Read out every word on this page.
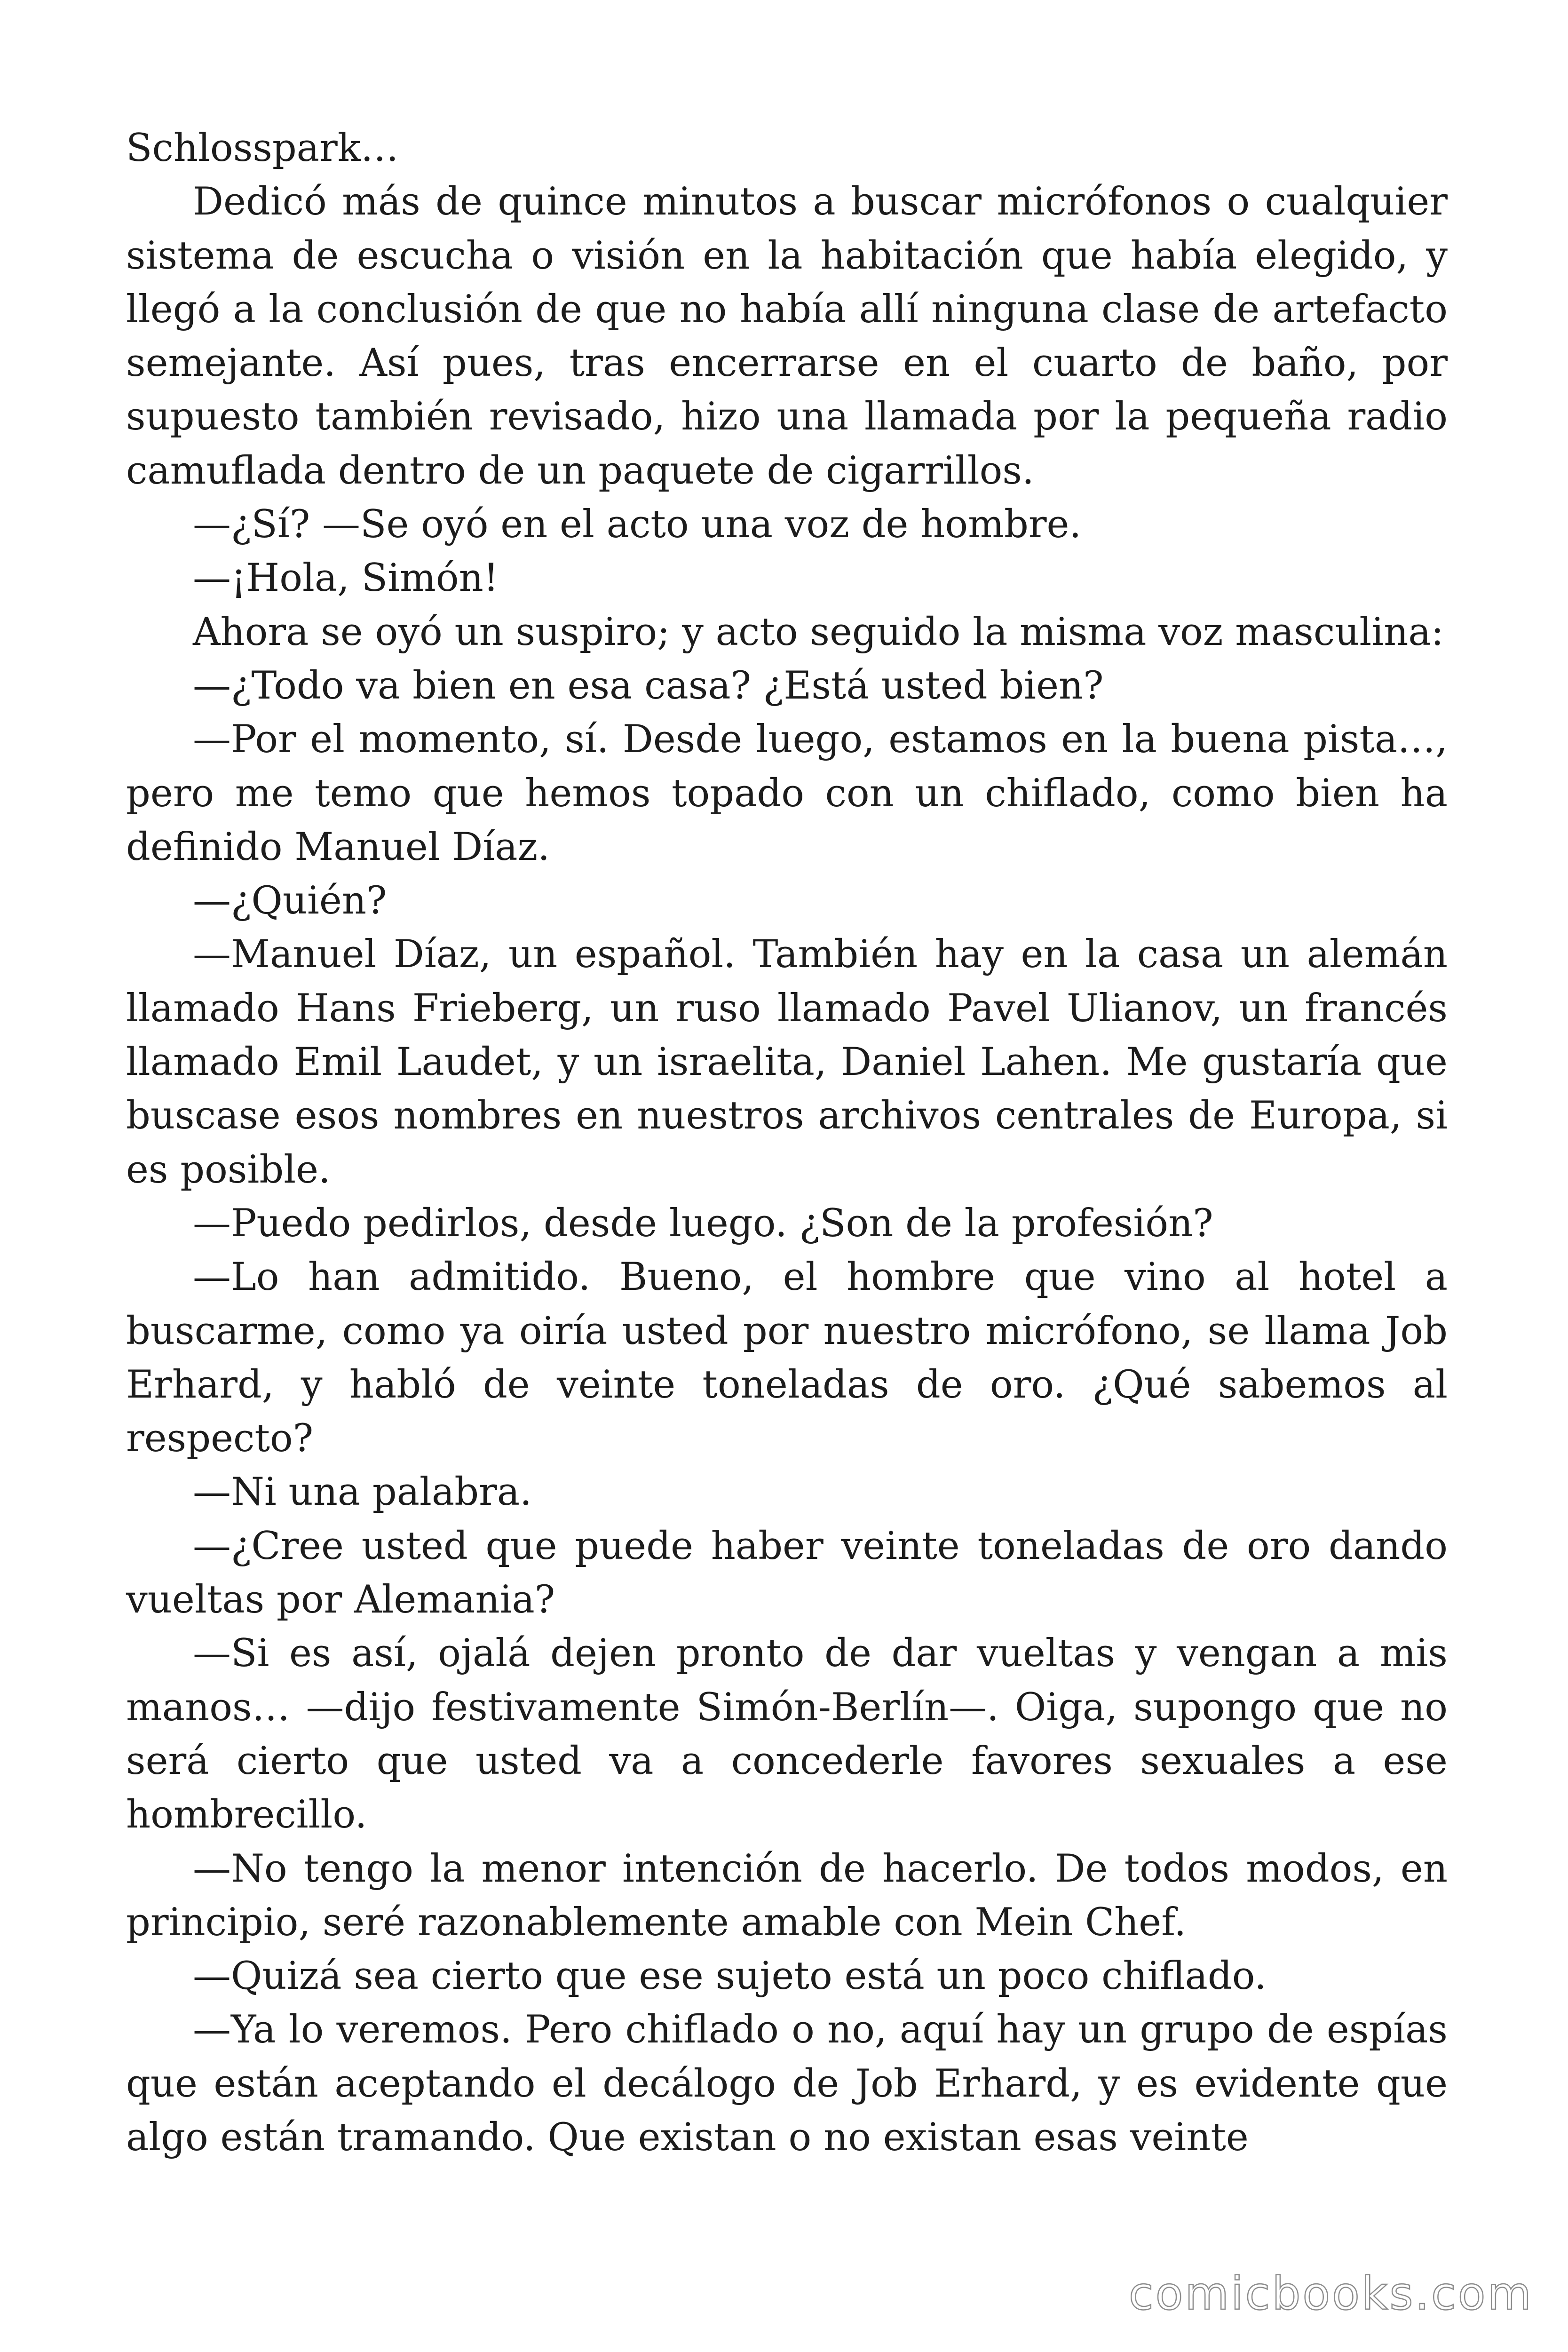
Schlosspark…

Dedicó más de quince minutos a buscar micrófonos o cualquier sistema de escucha o visión en la habitación que había elegido, y llegó a la conclusión de que no había allí ninguna clase de artefacto semejante. Así pues, tras encerrarse en el cuarto de baño, por supuesto también revisado, hizo una llamada por la pequeña radio camuflada dentro de un paquete de cigarrillos.

—¿Sí? —Se oyó en el acto una voz de hombre.

—¡Hola, Simón!

Ahora se oyó un suspiro; y acto seguido la misma voz masculina:

—¿Todo va bien en esa casa? ¿Está usted bien?

—Por el momento, sí. Desde luego, estamos en la buena pista…, pero me temo que hemos topado con un chiflado, como bien ha definido Manuel Díaz.

—¿Quién?

—Manuel Díaz, un español. También hay en la casa un alemán llamado Hans Frieberg, un ruso llamado Pavel Ulianov, un francés llamado Emil Laudet, y un israelita, Daniel Lahen. Me gustaría que buscase esos nombres en nuestros archivos centrales de Europa, si es posible.

—Puedo pedirlos, desde luego. ¿Son de la profesión?

—Lo han admitido. Bueno, el hombre que vino al hotel a buscarme, como ya oiría usted por nuestro micrófono, se llama Job Erhard, y habló de veinte toneladas de oro. ¿Qué sabemos al respecto?

—Ni una palabra.

—¿Cree usted que puede haber veinte toneladas de oro dando vueltas por Alemania?

—Si es así, ojalá dejen pronto de dar vueltas y vengan a mis manos… —dijo festivamente Simón-Berlín—. Oiga, supongo que no será cierto que usted va a concederle favores sexuales a ese hombrecillo.

—No tengo la menor intención de hacerlo. De todos modos, en principio, seré razonablemente amable con Mein Chef.

—Quizá sea cierto que ese sujeto está un poco chiflado.

—Ya lo veremos. Pero chiflado o no, aquí hay un grupo de espías que están aceptando el decálogo de Job Erhard, y es evidente que algo están tramando. Que existan o no existan esas veinte

comicbooks.com
